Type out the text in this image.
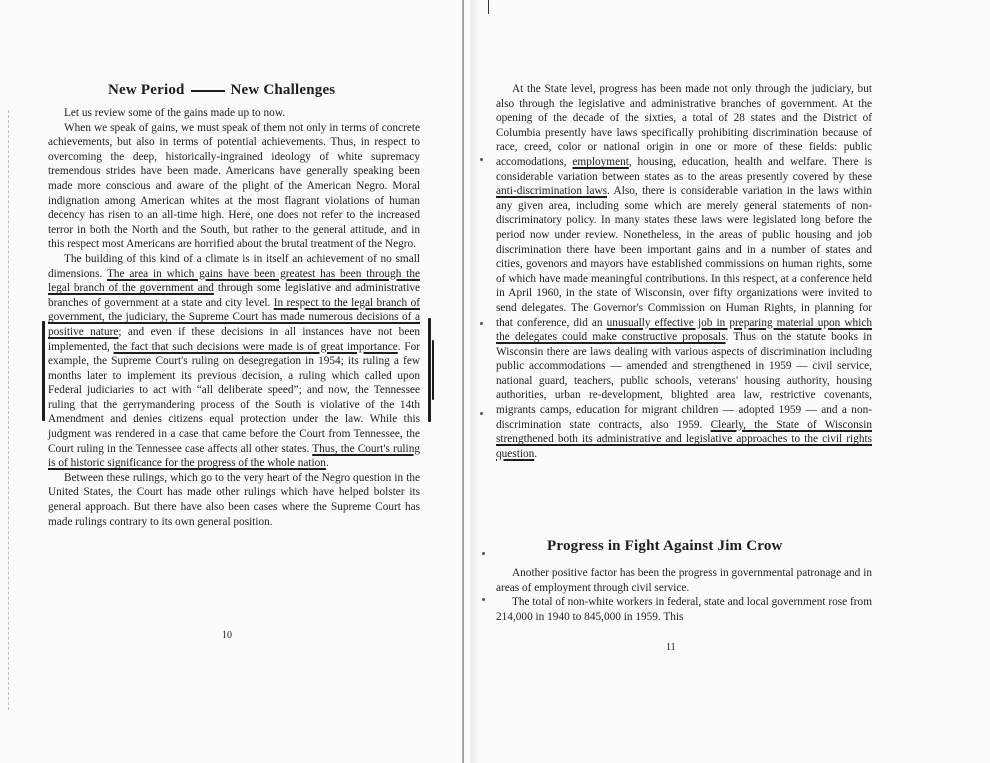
New Period	New Challenges

Let us review some of the gains made up to now.

When we speak of gains, we must speak of them not only in terms of concrete achievements, but also in terms of potential achievements. Thus, in respect to overcoming the deep, historically-ingrained ideology of white supremacy tremendous strides have been made. Americans have generally speaking been made more conscious and aware of the plight of the American Negro. Moral indignation among American whites at the most flagrant violations of human decency has risen to an all-time high. Here, one does not refer to the increased terror in both the North and the South, but rather to the general attitude, and in this respect most Americans are horrified about the brutal treatment of the Negro.

The building of this kind of a climate is in itself an achievement of no small dimensions. The area in which gains have been greatest has been through the legal branch of the government and through some legislative and administrative branches of government at a state and city level. In respect to the legal branch of government, the judiciary, the Supreme Court has made numerous decisions of a positive nature; and even if these decisions in all instances have not been implemented, the fact that such decisions were made is of great importance. For example, the Supreme Court's ruling on desegregation in 1954; its ruling a few months later to implement its previous decision, a ruling which called upon Federal judiciaries to act with “all deliberate speed”; and now, the Tennessee ruling that the gerrymandering process of the South is violative of the 14th Amendment and denies citizens equal protection under the law. While this judgment was rendered in a case that came before the Court from Tennessee, the Court ruling in the Tennessee case affects all other states. Thus, the Court's ruling is of historic significance for the progress of the whole nation.

Between these rulings, which go to the very heart of the Negro question in the United States, the Court has made other rulings which have helped bolster its general approach. But there have also been cases where the Supreme Court has made rulings contrary to its own general position.

10

At the State level, progress has been made not only through the judiciary, but also through the legislative and administrative branches of government. At the opening of the decade of the sixties, a total of 28 states and the District of Columbia presently have laws specifically prohibiting discrimination because of race, creed, color or national origin in one or more of these fields: public accomodations, employment, housing, education, health and welfare. There is considerable variation between states as to the areas presently covered by these anti-discrimination laws. Also, there is considerable variation in the laws within any given area, including some which are merely general statements of non-discriminatory policy. In many states these laws were legislated long before the period now under review. Nonetheless, in the areas of public housing and job discrimination there have been important gains and in a number of states and cities, govenors and mayors have established commissions on human rights, some of which have made meaningful contributions. In this respect, at a conference held in April 1960, in the state of Wisconsin, over fifty organizations were invited to send delegates. The Governor's Commission on Human Rights, in planning for that conference, did an unusually effective job in preparing material upon which the delegates could make constructive proposals. Thus on the statute books in Wisconsin there are laws dealing with various aspects of discrimination including public accommodations — amended and strengthened in 1959 — civil service, national guard, teachers, public schools, veterans' housing authority, housing authorities, urban re-development, blighted area law, restrictive covenants, migrants camps, education for migrant children — adopted 1959 — and a non-discrimination state contracts, also 1959. Clearly, the State of Wisconsin strengthened both its administrative and legislative approaches to the civil rights question.

Progress in Fight Against Jim Crow

Another positive factor has been the progress in governmental patronage and in areas of employment through civil service.

The total of non-white workers in federal, state and local government rose from 214,000 in 1940 to 845,000 in 1959. This

11
